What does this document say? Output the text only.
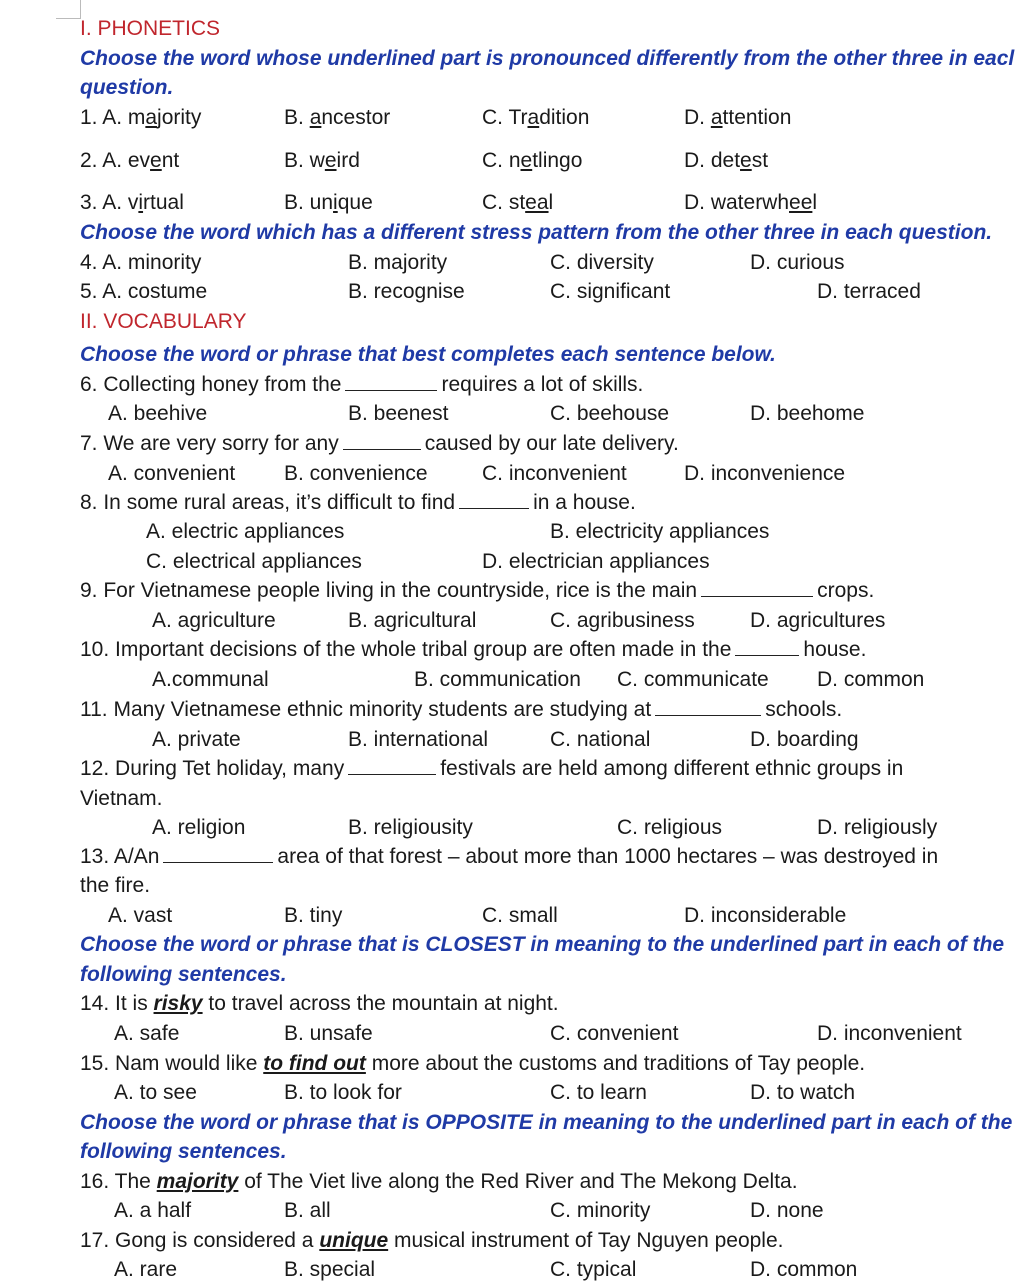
I. PHONETICS
Choose the word whose underlined part is pronounced differently from the other three in eacl
question.
1. A. majority	B. ancestor	C. Tradition	D. attention
2. A. event	B. weird	C. netlingo	D. detest
3. A. virtual	B. unique	C. steal	D. waterwheel
Choose the word which has a different stress pattern from the other three in each question.
4. A. minority	B. majority	C. diversity	D. curious
5. A. costume	B. recognise	C. significant	D. terraced
II. VOCABULARY
Choose the word or phrase that best completes each sentence below.
6. Collecting honey from the	requires a lot of skills.
A. beehive	B. beenest	C. beehouse	D. beehome
7. We are very sorry for any	caused by our late delivery.
A. convenient B. convenience	C. inconvenient	D. inconvenience
8. In some rural areas, it’s difficult to find	in a house.
A. electric appliances	B. electricity appliances
C. electrical appliances	D. electrician appliances
9. For Vietnamese people living in the countryside, rice is the main	crops.
A. agriculture	B. agricultural	C. agribusiness	D. agricultures
10. Important decisions of the whole tribal group are often made in the	house.
A.communal	B. communication C. communicate D. common
11. Many Vietnamese ethnic minority students are studying at	schools.
A. private	B. international	C. national	D. boarding
12. During Tet holiday, many	festivals are held among different ethnic groups in
Vietnam.
A. religion	B. religiousity	C. religious	D. religiously
13. A/An	area of that forest – about more than 1000 hectares – was destroyed in
the fire.
A. vast	B. tiny	C. small	D. inconsiderable
Choose the word or phrase that is CLOSEST in meaning to the underlined part in each of the
following sentences.
14. It is risky to travel across the mountain at night.
A. safe	B. unsafe	C. convenient	D. inconvenient
15. Nam would like to find out more about the customs and traditions of Tay people.
A. to see	B. to look for	C. to learn	D. to watch
Choose the word or phrase that is OPPOSITE in meaning to the underlined part in each of the
following sentences.
16. The majority of The Viet live along the Red River and The Mekong Delta.
A. a half	B. all	C. minority	D. none
17. Gong is considered a unique musical instrument of Tay Nguyen people.
A. rare	B. special	C. typical	D. common
